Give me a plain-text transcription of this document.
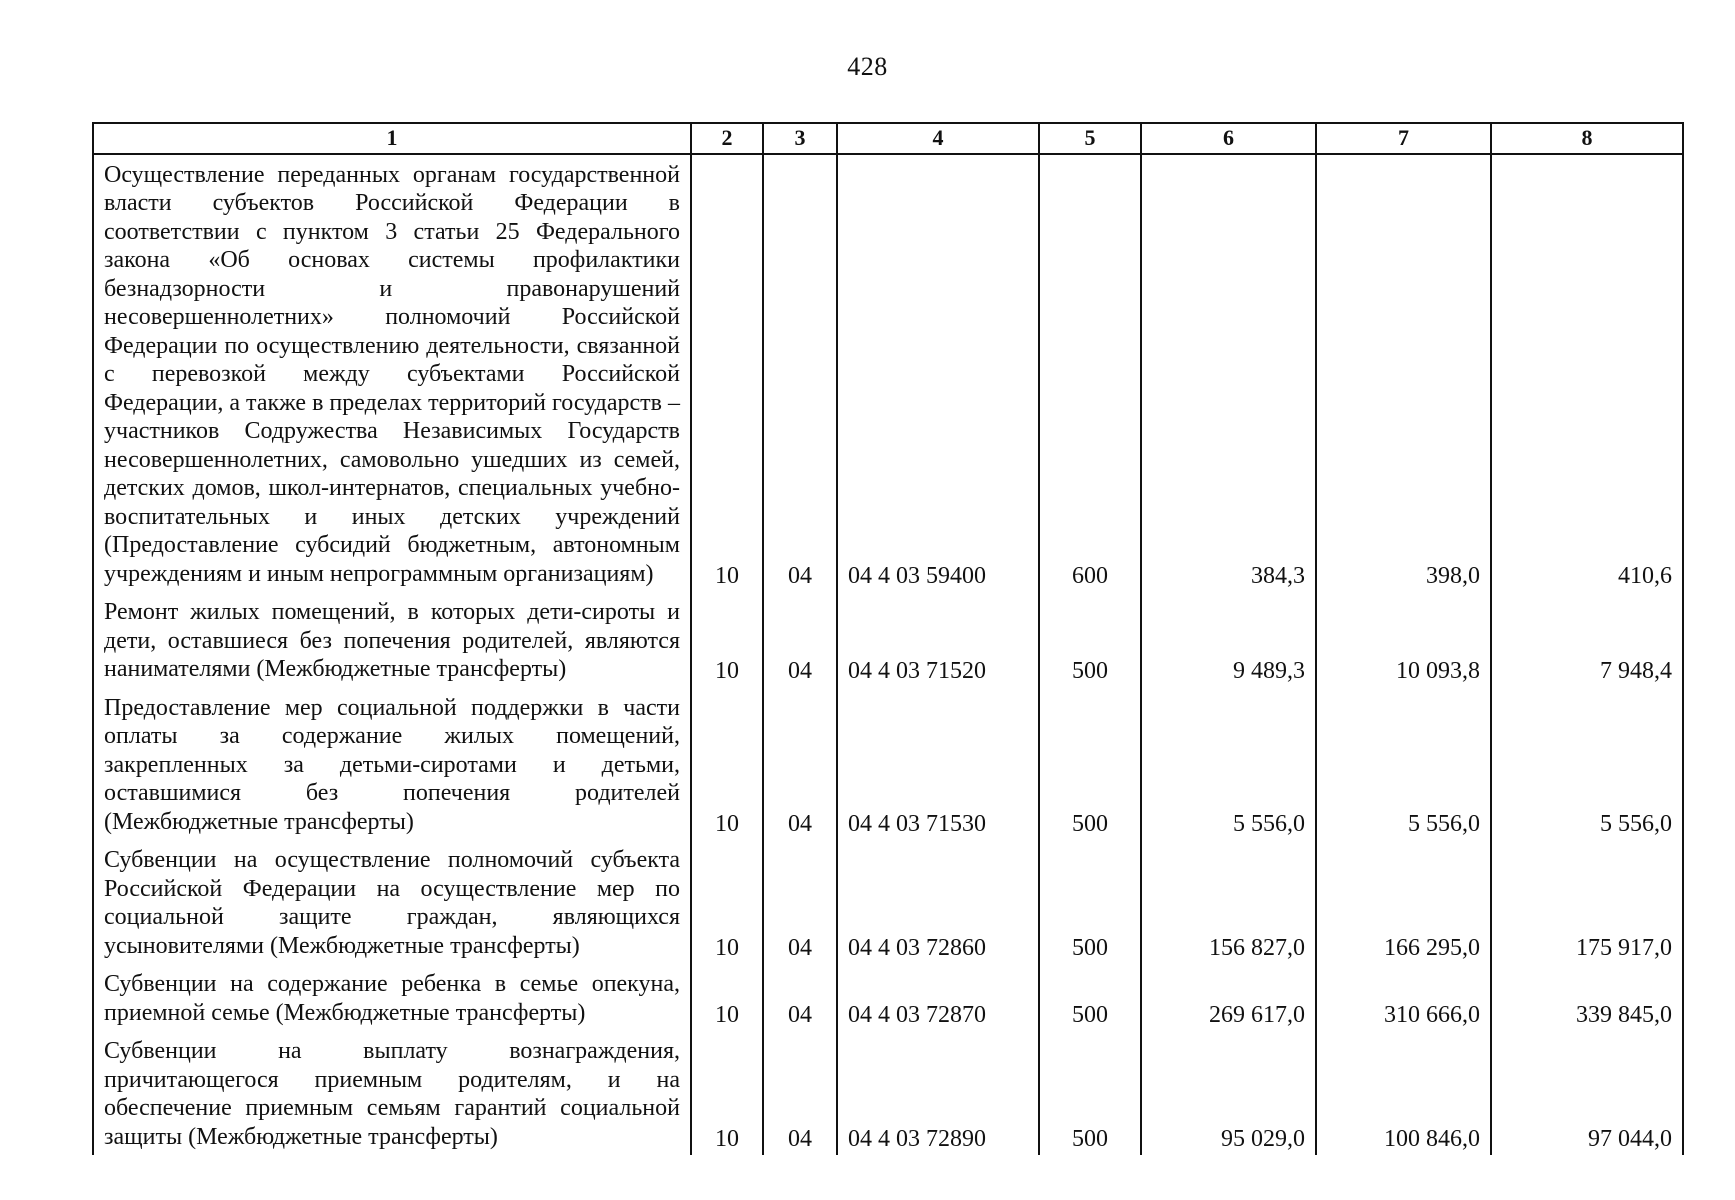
428
1	2	3	4	5	6	7	8
Осуществление переданных органам государственной власти субъектов Российской Федерации в соответствии с пунктом 3 статьи 25 Федерального закона «Об основах системы профилактики безнадзорности и правонарушений несовершеннолетних» полномочий Российской Федерации по осуществлению деятельности, связанной с перевозкой между субъектами Российской Федерации, а также в пределах территорий государств – участников Содружества Независимых Государств несовершеннолетних, самовольно ушедших из семей, детских домов, школ-интернатов, специальных учебно-воспитательных и иных детских учреждений (Предоставление субсидий бюджетным, автономным учреждениям и иным непрограммным организациям)	10	04	04 4 03 59400	600	384,3	398,0	410,6
Ремонт жилых помещений, в которых дети-сироты и дети, оставшиеся без попечения родителей, являются нанимателями (Межбюджетные трансферты)	10	04	04 4 03 71520	500	9 489,3	10 093,8	7 948,4
Предоставление мер социальной поддержки в части оплаты за содержание жилых помещений, закрепленных за детьми-сиротами и детьми, оставшимися без попечения родителей (Межбюджетные трансферты)	10	04	04 4 03 71530	500	5 556,0	5 556,0	5 556,0
Субвенции на осуществление полномочий субъекта Российской Федерации на осуществление мер по социальной защите граждан, являющихся усыновителями (Межбюджетные трансферты)	10	04	04 4 03 72860	500	156 827,0	166 295,0	175 917,0
Субвенции на содержание ребенка в семье опекуна, приемной семье (Межбюджетные трансферты)	10	04	04 4 03 72870	500	269 617,0	310 666,0	339 845,0
Субвенции на выплату вознаграждения, причитающегося приемным родителям, и на обеспечение приемным семьям гарантий социальной защиты (Межбюджетные трансферты)	10	04	04 4 03 72890	500	95 029,0	100 846,0	97 044,0
